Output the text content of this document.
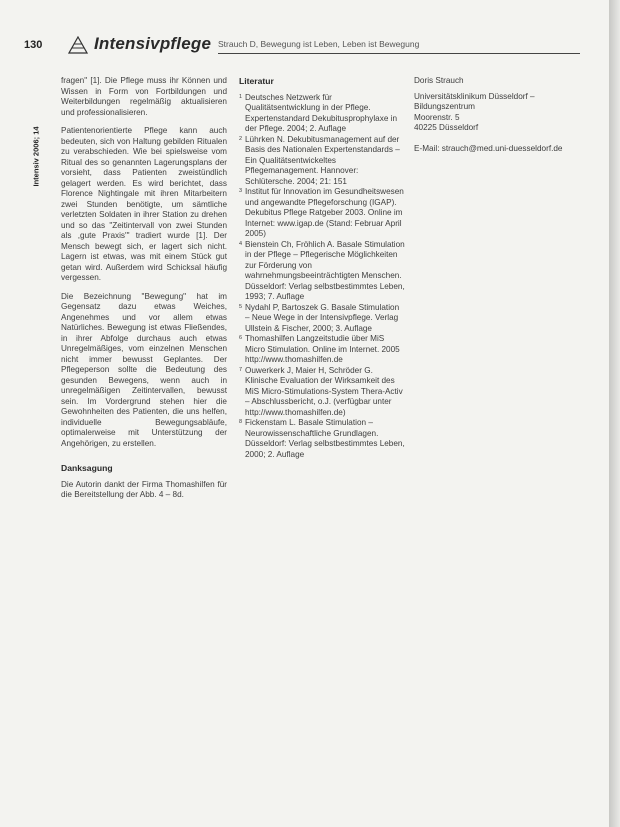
130	Intensivpflege Strauch D, Bewegung ist Leben, Leben ist Bewegung
Intensiv 2006; 14

fragen" [1]. Die Pflege muss ihr Können und Wissen in Form von Fortbildungen und Weiterbildungen regelmäßig aktualisieren und professionalisieren.

Patientenorientierte Pflege kann auch bedeuten, sich von Haltung gebilden Ritualen zu verabschieden. Wie bei spielsweise vom Ritual des so genannten Lagerungsplans der vorsieht, dass Patienten zweistündlich gelagert werden. Es wird berichtet, dass Florence Nightingale mit ihren Mitarbeitern zwei Stunden benötigte, um sämtliche verletzten Soldaten in ihrer Station zu drehen und so das "Zeitintervall von zwei Stunden als ,gute Praxis'" tradiert wurde [1]. Der Mensch bewegt sich, er lagert sich nicht. Lagern ist etwas, was mit einem Stück gut getan wird. Außerdem wird Schicksal häufig vergessen.

Die Bezeichnung "Bewegung" hat im Gegensatz dazu etwas Weiches, Angenehmes und vor allem etwas Natürliches. Bewegung ist etwas Fließendes, in ihrer Abfolge durchaus auch etwas Unregelmäßiges, vom einzelnen Menschen nicht immer bewusst Geplantes. Der Pflegeperson sollte die Bedeutung des gesunden Bewegens, wenn auch in unregelmäßigen Zeitintervallen, bewusst sein. Im Vordergrund stehen hier die Gewohnheiten des Patienten, die uns helfen, individuelle Bewegungsabläufe, optimalerweise mit Unterstützung der Angehörigen, zu erstellen.

Danksagung

Die Autorin dankt der Firma Thomashilfen für die Bereitstellung der Abb. 4 – 8d.

Literatur
1 Deutsches Netzwerk für Qualitätsentwicklung in der Pflege. Expertenstandard Dekubitusprophylaxe in der Pflege. 2004; 2. Auflage
2 Lührken N. Dekubitusmanagement auf der Basis des Nationalen Expertenstandards – Ein Qualitätsentwickeltes Pflegemanagement. Hannover: Schlütersche. 2004; 21: 151
3 Institut für Innovation im Gesundheitswesen und angewandte Pflegeforschung (IGAP). Dekubitus Pflege Ratgeber 2003. Online im Internet: www.igap.de (Stand: Februar April 2005)
4 Bienstein Ch, Fröhlich A. Basale Stimulation in der Pflege – Pflegerische Möglichkeiten zur Förderung von wahrnehmungsbeeinträchtigten Menschen. Düsseldorf: Verlag selbstbestimmtes Leben, 1993; 7. Auflage
5 Nydahl P, Bartoszek G. Basale Stimulation – Neue Wege in der Intensivpflege. Verlag Ullstein & Fischer, 2000; 3. Auflage
6 Thomashilfen Langzeitstudie über MiS Micro Stimulation. Online im Internet. 2005 http://www.thomashilfen.de
7 Ouwerkerk J, Maier H, Schröder G. Klinische Evaluation der Wirksamkeit des MiS Micro-Stimulations-System Thera-Activ – Abschlussbericht, o.J. (verfügbar unter http://www.thomashilfen.de)
8 Fickenstam L. Basale Stimulation – Neurowissenschaftliche Grundlagen. Düsseldorf: Verlag selbstbestimmtes Leben, 2000; 2. Auflage
Doris Strauch
Universitätsklinikum Düsseldorf –
Bildungszentrum
Moorenstr. 5
40225 Düsseldorf
E-Mail: strauch@med.uni-duesseldorf.de
